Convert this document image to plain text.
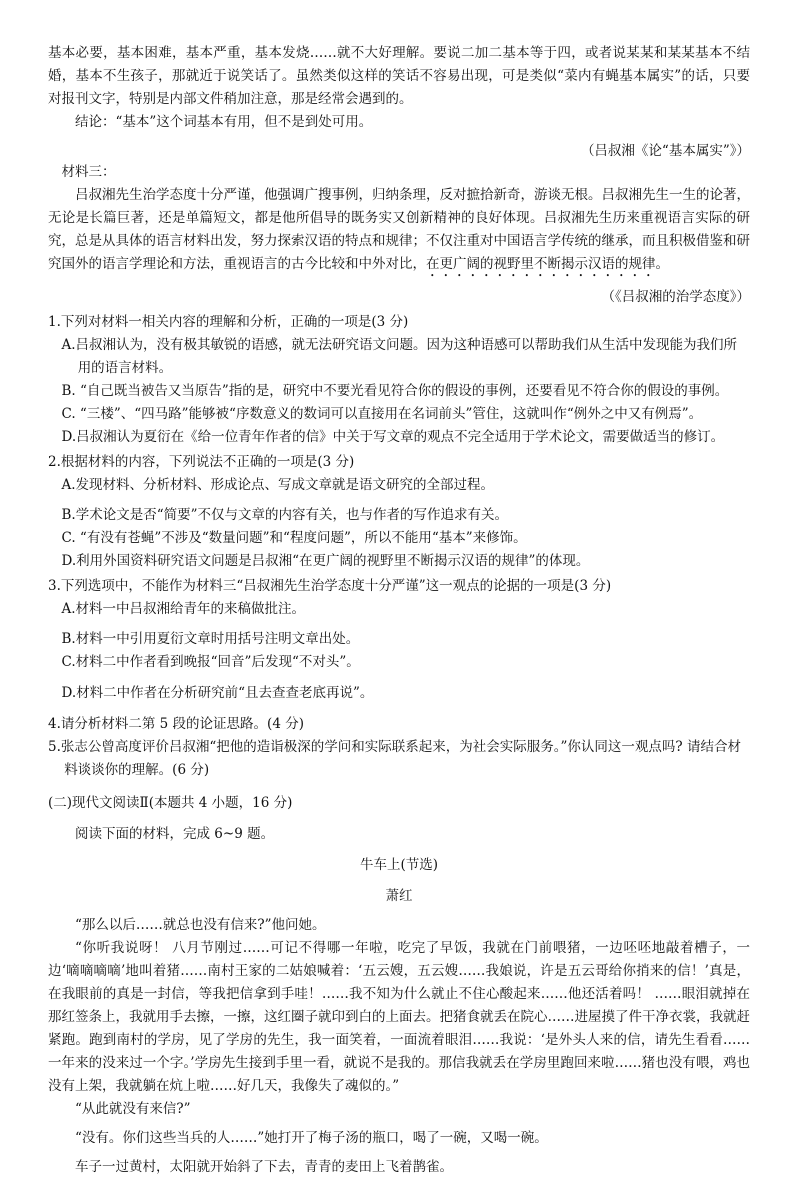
基本必要，基本困难，基本严重，基本发烧……就不大好理解。要说二加二基本等于四，或者说某某和某某基本不结婚，基本不生孩子，那就近于说笑话了。虽然类似这样的笑话不容易出现，可是类似“菜内有蝇基本属实”的话，只要对报刊文字，特别是内部文件稍加注意，那是经常会遇到的。

结论：“基本”这个词基本有用，但不是到处可用。

（吕叔湘《论“基本属实”》）

材料三：

吕叔湘先生治学态度十分严谨，他强调广搜事例，归纳条理，反对摭拾新奇，游谈无根。吕叔湘先生一生的论著，无论是长篇巨著，还是单篇短文，都是他所倡导的既务实又创新精神的良好体现。吕叔湘先生历来重视语言实际的研究，总是从具体的语言材料出发，努力探索汉语的特点和规律；不仅注重对中国语言学传统的继承，而且积极借鉴和研究国外的语言学理论和方法，重视语言的古今比较和中外对比，在更广阔的视野里不断揭示汉语的规律。

（《吕叔湘的治学态度》）

1.下列对材料一相关内容的理解和分析，正确的一项是(3 分)

A.吕叔湘认为，没有极其敏锐的语感，就无法研究语文问题。因为这种语感可以帮助我们从生活中发现能为我们所用的语言材料。

B. “自己既当被告又当原告”指的是，研究中不要光看见符合你的假设的事例，还要看见不符合你的假设的事例。

C. “三楼”、“四马路”能够被“序数意义的数词可以直接用在名词前头”管住，这就叫作“例外之中又有例焉”。

D.吕叔湘认为夏衍在《给一位青年作者的信》中关于写文章的观点不完全适用于学术论文，需要做适当的修订。

2.根据材料的内容，下列说法不正确的一项是(3 分)

A.发现材料、分析材料、形成论点、写成文章就是语文研究的全部过程。

B.学术论文是否“简要”不仅与文章的内容有关，也与作者的写作追求有关。

C. “有没有苍蝇”不涉及“数量问题”和“程度问题”，所以不能用“基本”来修饰。

D.利用外国资料研究语文问题是吕叔湘“在更广阔的视野里不断揭示汉语的规律”的体现。

3.下列选项中，不能作为材料三“吕叔湘先生治学态度十分严谨”这一观点的论据的一项是(3 分)

A.材料一中吕叔湘给青年的来稿做批注。

B.材料一中引用夏衍文章时用括号注明文章出处。

C.材料二中作者看到晚报“回音”后发现“不对头”。

D.材料二中作者在分析研究前“且去查查老底再说”。

4.请分析材料二第 5 段的论证思路。(4 分)

5.张志公曾高度评价吕叔湘“把他的造诣极深的学问和实际联系起来，为社会实际服务。”你认同这一观点吗? 请结合材料谈谈你的理解。(6 分)

(二)现代文阅读Ⅱ(本题共 4 小题，16 分)

阅读下面的材料，完成 6~9 题。

牛车上(节选)

萧红

“那么以后……就总也没有信来?”他问她。

“你听我说呀！ 八月节刚过……可记不得哪一年啦，吃完了早饭，我就在门前喂猪，一边呸呸地敲着槽子，一边‘嘀嘀嘀嘀’地叫着猪……南村王家的二姑娘喊着：‘五云嫂，五云嫂……我娘说，许是五云哥给你捎来的信！’真是，在我眼前的真是一封信，等我把信拿到手哇！……我不知为什么就止不住心酸起来……他还活着吗！ ……眼泪就掉在那红签条上，我就用手去擦，一擦，这红圈子就印到白的上面去。把猪食就丢在院心……进屋摸了件干净衣裳，我就赶紧跑。跑到南村的学房，见了学房的先生，我一面笑着，一面流着眼泪……我说：‘是外头人来的信，请先生看看……一年来的没来过一个字。’学房先生接到手里一看，就说不是我的。那信我就丢在学房里跑回来啦……猪也没有喂，鸡也没有上架，我就躺在炕上啦……好几天，我像失了魂似的。”

“从此就没有来信?”

“没有。你们这些当兵的人……”她打开了梅子汤的瓶口，喝了一碗，又喝一碗。

车子一过黄村，太阳就开始斜了下去，青青的麦田上飞着鹊雀。
